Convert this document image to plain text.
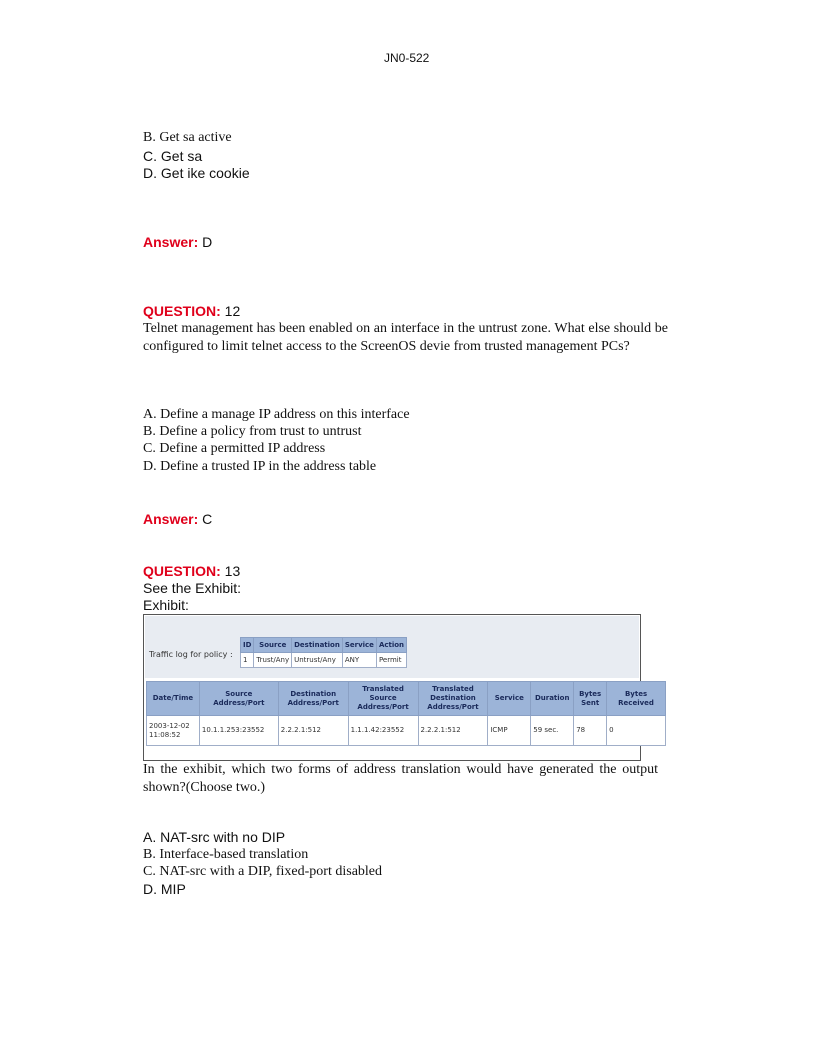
JN0-522
B. Get sa active
C. Get sa
D. Get ike cookie
Answer: D
QUESTION: 12
Telnet management has been enabled on an interface in the untrust zone. What else should be configured to limit telnet access to the ScreenOS devie from trusted management PCs?
A. Define a manage IP address on this interface
B. Define a policy from trust to untrust
C. Define a permitted IP address
D. Define a trusted IP in the address table
Answer: C
QUESTION: 13
See the Exhibit:
Exhibit:
Traffic log for policy :
ID	Source	Destination	Service	Action
1	Trust/Any	Untrust/Any	ANY	Permit
Date/Time	Source Address/Port	Destination Address/Port	Translated Source Address/Port	Translated Destination Address/Port	Service	Duration	Bytes Sent	Bytes Received
2003-12-02 11:08:52	10.1.1.253:23552	2.2.2.1:512	1.1.1.42:23552	2.2.2.1:512	ICMP	59 sec.	78	0
In the exhibit, which two forms of address translation would have generated the output shown?(Choose two.)
A. NAT-src with no DIP
B. Interface-based translation
C. NAT-src with a DIP, fixed-port disabled
D. MIP
